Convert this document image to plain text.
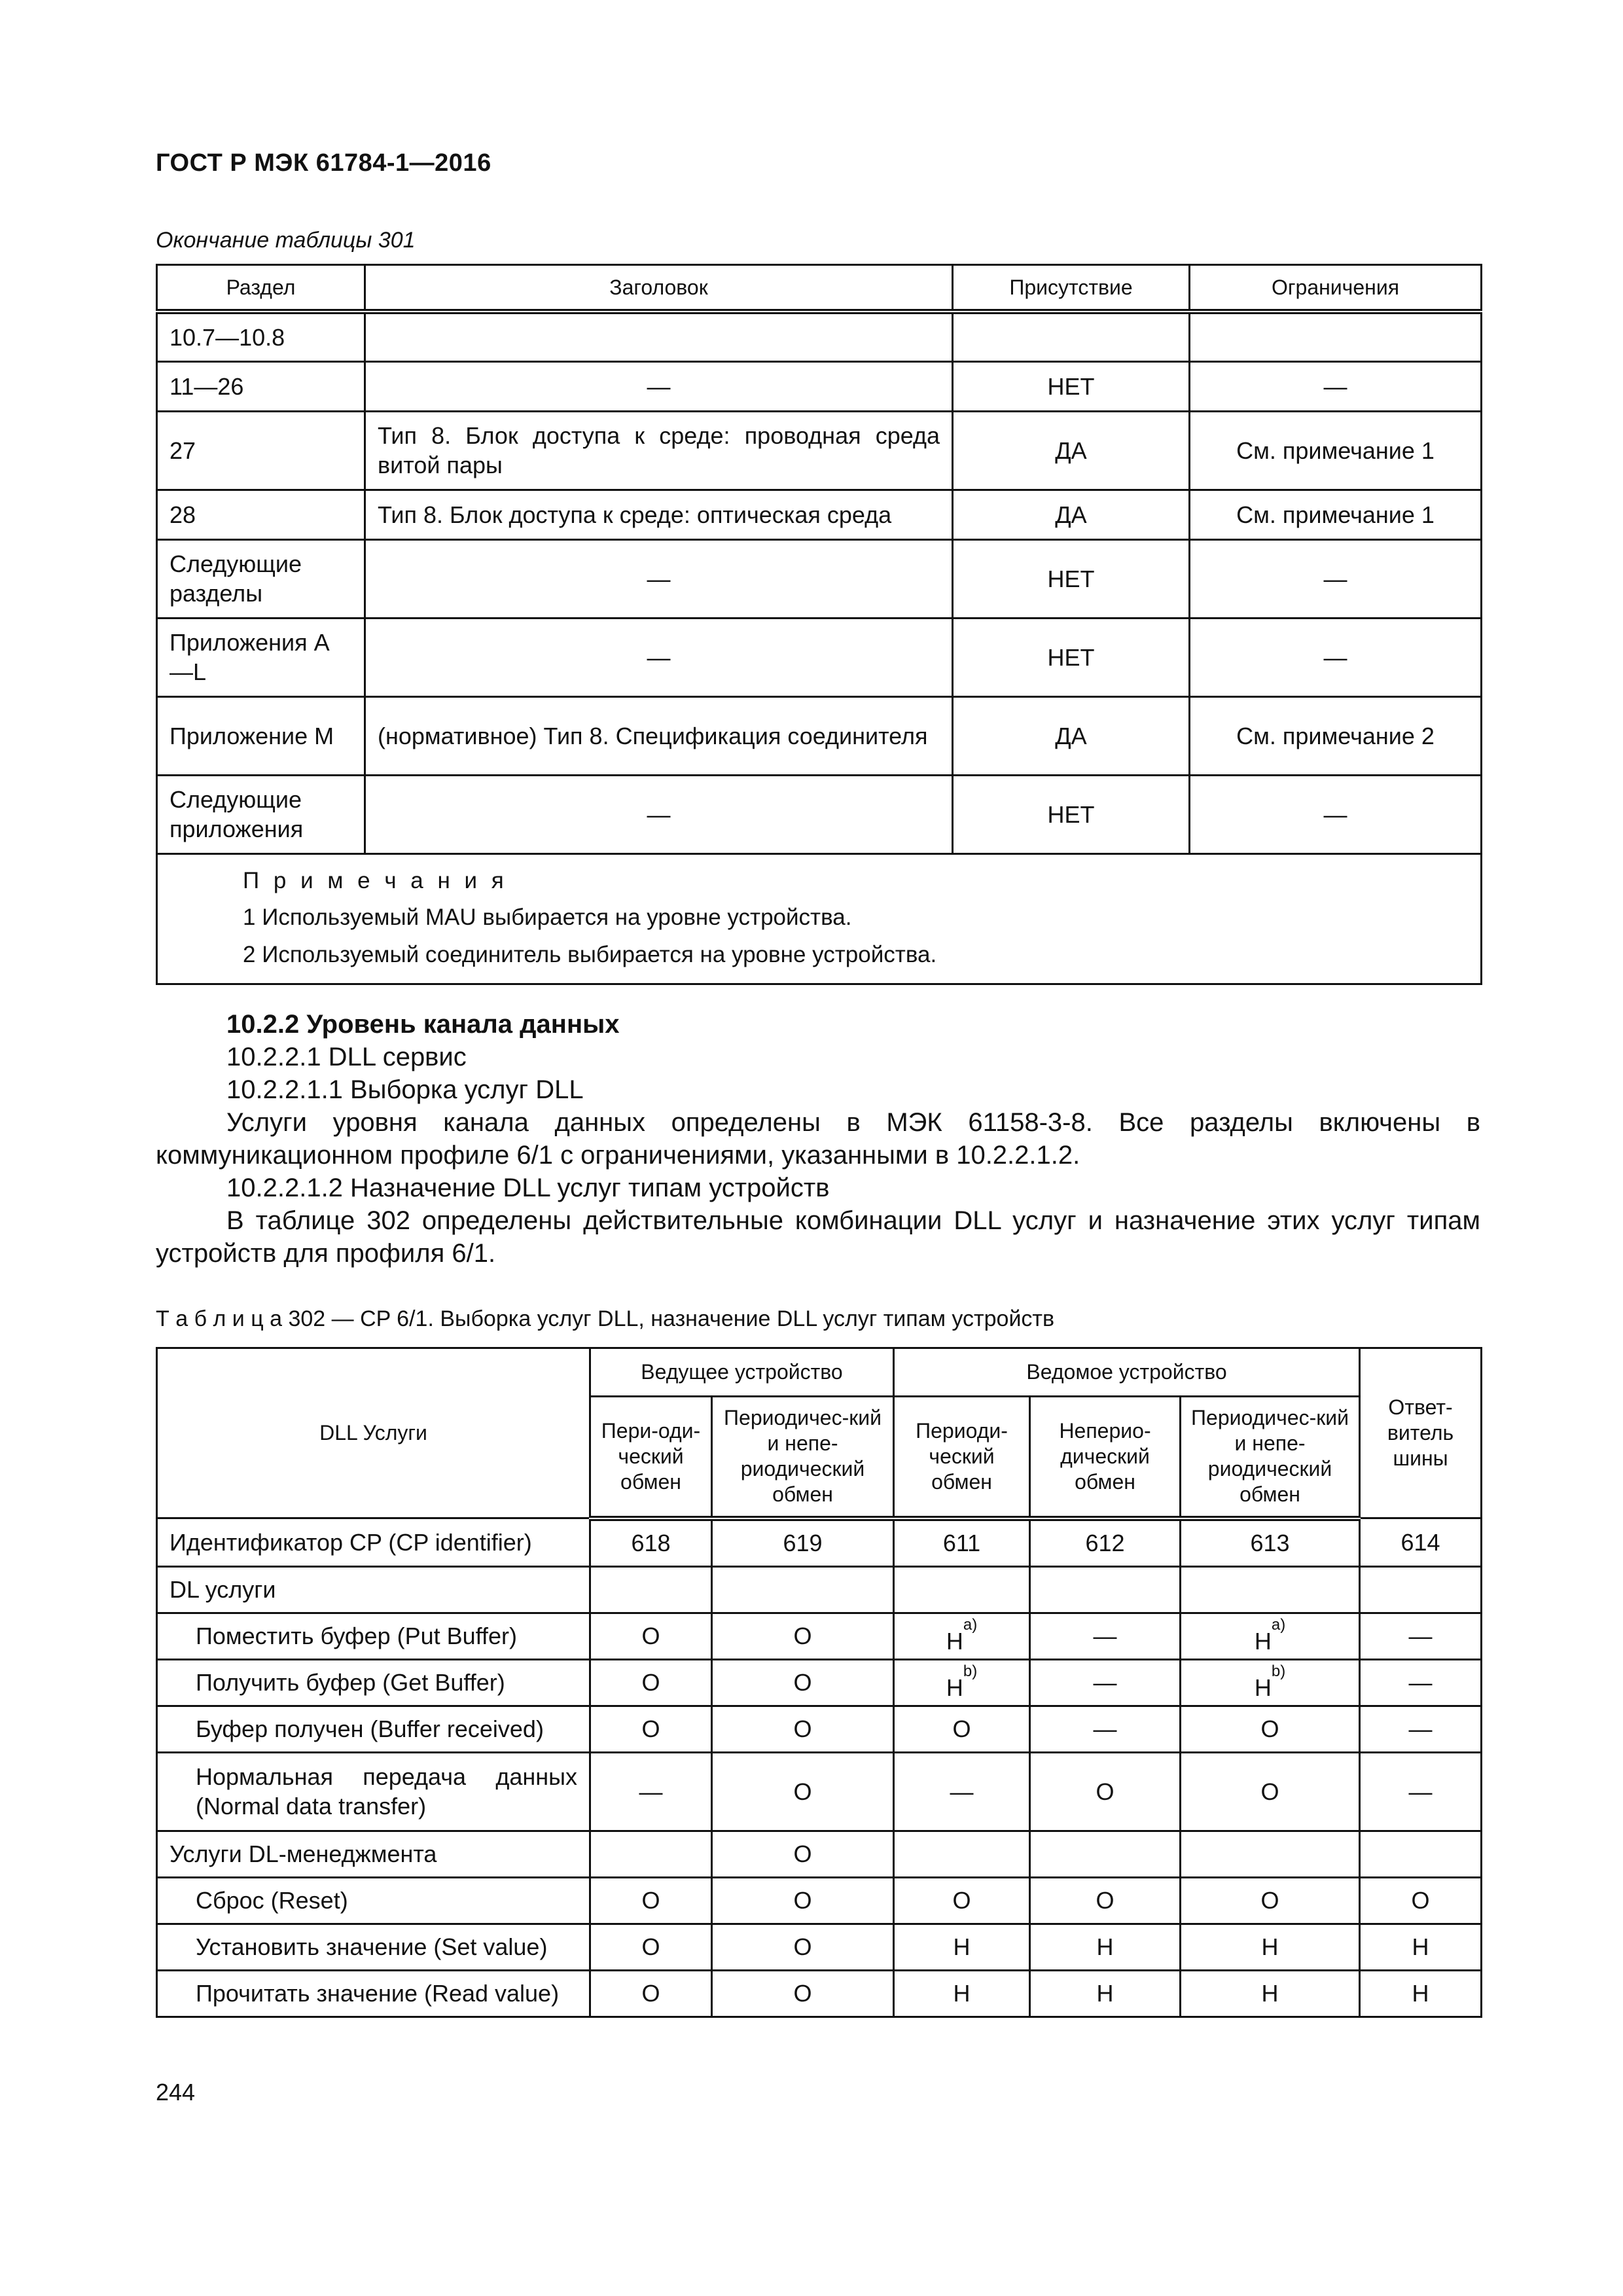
ГОСТ Р МЭК 61784-1—2016
Окончание таблицы 301
Раздел	Заголовок	Присутствие	Ограничения
10.7—10.8			
11—26	—	НЕТ	—
27	Тип 8. Блок доступа к среде: проводная среда витой пары	ДА	См. примечание 1
28	Тип 8. Блок доступа к среде: оптическая среда	ДА	См. примечание 1
Следующие разделы	—	НЕТ	—
Приложения A—L	—	НЕТ	—
Приложение M	(нормативное) Тип 8. Спецификация соединителя	ДА	См. примечание 2
Следующие приложения	—	НЕТ	—

П р и м е ч а н и я
1 Используемый MAU выбирается на уровне устройства.
2 Используемый соединитель выбирается на уровне устройства.			

10.2.2 Уровень канала данных

10.2.2.1 DLL сервис

10.2.2.1.1 Выборка услуг DLL

Услуги уровня канала данных определены в МЭК 61158-3-8. Все разделы включены в коммуникационном профиле 6/1 с ограничениями, указанными в 10.2.2.1.2.

10.2.2.1.2 Назначение DLL услуг типам устройств

В таблице 302 определены действительные комбинации DLL услуг и назначение этих услуг типам устройств для профиля 6/1.

Т а б л и ц а 302 — CP 6/1. Выборка услуг DLL, назначение DLL услуг типам устройств
DLL Услуги	Ведущее устройство		Ведомое устройство			Ответ-витель шины
	Пери-оди-ческий обмен	Периодичес-кий и непе-риодический обмен	Периоди-ческий обмен	Неперио-дический обмен	Периодичес-кий и непе-риодический обмен	
Идентификатор CP (CP identifier)	618	619	611	612	613	614
DL услуги						
Поместить буфер (Put Buffer)	O	O	$H^{a)}$	—	$H^{a)}$	—
Получить буфер (Get Buffer)	O	O	$H^{b)}$	—	$H^{b)}$	—
Буфер получен (Buffer received)	O	O	O	—	O	—
Нормальная передача данных (Normal data transfer)	—	O	—	O	O	—
Услуги DL-менеджмента		O				
Сброс (Reset)	O	O	O	O	O	O
Установить значение (Set value)	O	O	H	H	H	H
Прочитать значение (Read value)	O	O	H	H	H	H
244
